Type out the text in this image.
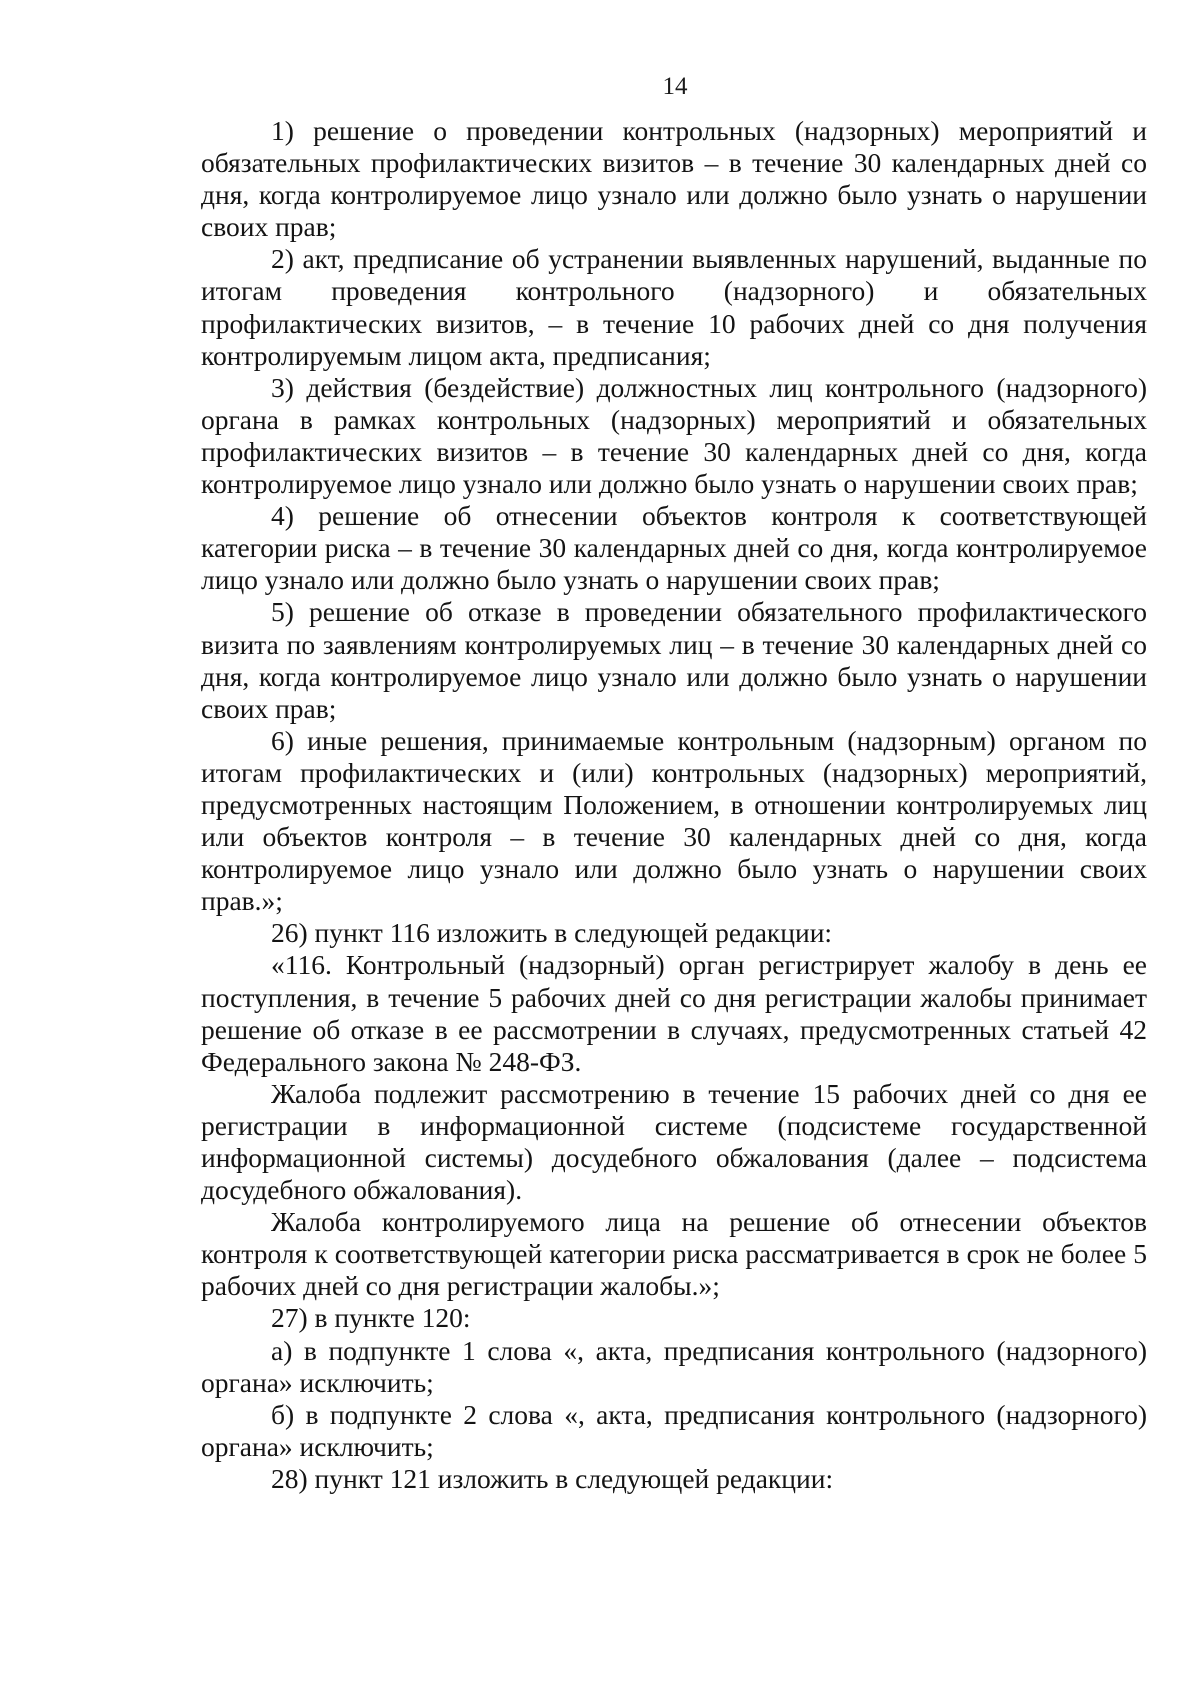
14

1) решение о проведении контрольных (надзорных) мероприятий и обязательных профилактических визитов – в течение 30 календарных дней со дня, когда контролируемое лицо узнало или должно было узнать о нарушении своих прав;

2) акт, предписание об устранении выявленных нарушений, выданные по итогам проведения контрольного (надзорного) и обязательных профилактических визитов, – в течение 10 рабочих дней со дня получения контролируемым лицом акта, предписания;

3) действия (бездействие) должностных лиц контрольного (надзорного) органа в рамках контрольных (надзорных) мероприятий и обязательных профилактических визитов – в течение 30 календарных дней со дня, когда контролируемое лицо узнало или должно было узнать о нарушении своих прав;

4) решение об отнесении объектов контроля к соответствующей категории риска – в течение 30 календарных дней со дня, когда контролируемое лицо узнало или должно было узнать о нарушении своих прав;

5) решение об отказе в проведении обязательного профилактического визита по заявлениям контролируемых лиц – в течение 30 календарных дней со дня, когда контролируемое лицо узнало или должно было узнать о нарушении своих прав;

6) иные решения, принимаемые контрольным (надзорным) органом по итогам профилактических и (или) контрольных (надзорных) мероприятий, предусмотренных настоящим Положением, в отношении контролируемых лиц или объектов контроля – в течение 30 календарных дней со дня, когда контролируемое лицо узнало или должно было узнать о нарушении своих прав.»;

26) пункт 116 изложить в следующей редакции:

«116. Контрольный (надзорный) орган регистрирует жалобу в день ее поступления, в течение 5 рабочих дней со дня регистрации жалобы принимает решение об отказе в ее рассмотрении в случаях, предусмотренных статьей 42 Федерального закона № 248-ФЗ.

Жалоба подлежит рассмотрению в течение 15 рабочих дней со дня ее регистрации в информационной системе (подсистеме государственной информационной системы) досудебного обжалования (далее – подсистема досудебного обжалования).

Жалоба контролируемого лица на решение об отнесении объектов контроля к соответствующей категории риска рассматривается в срок не более 5 рабочих дней со дня регистрации жалобы.»;

27) в пункте 120:

а) в подпункте 1 слова «, акта, предписания контрольного (надзорного) органа» исключить;

б) в подпункте 2 слова «, акта, предписания контрольного (надзорного) органа» исключить;

28) пункт 121 изложить в следующей редакции:
